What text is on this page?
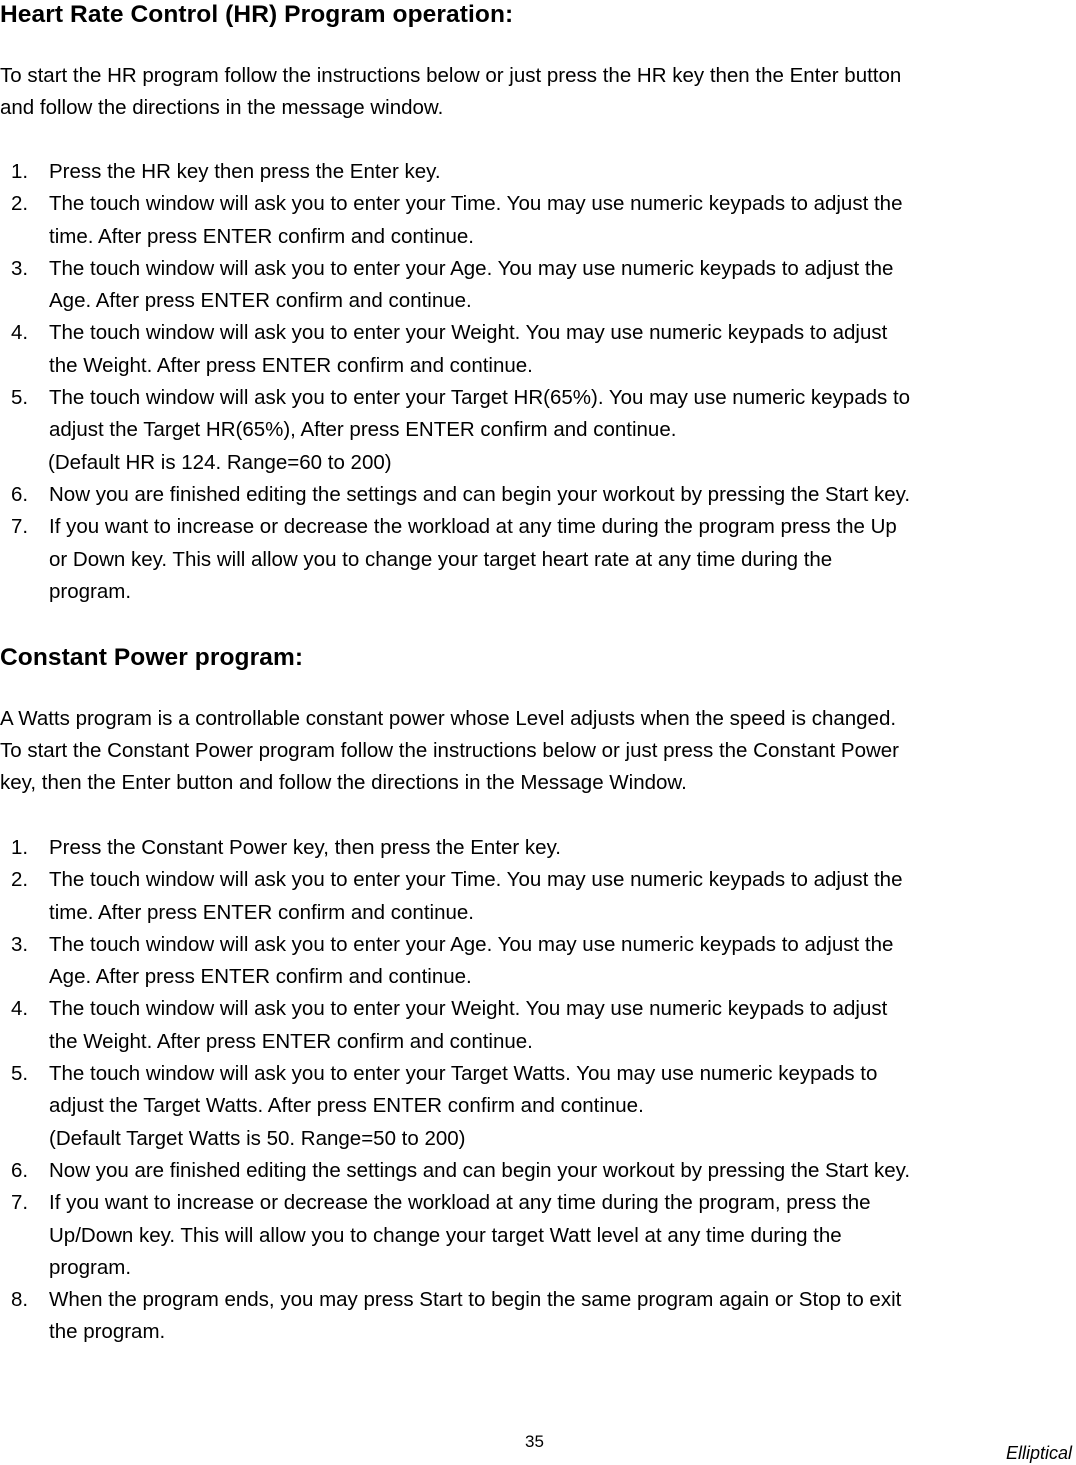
Heart Rate Control (HR) Program operation:
To start the HR program follow the instructions below or just press the HR key then the Enter button
and follow the directions in the message window.
1. Press the HR key then press the Enter key.
2. The touch window will ask you to enter your Time. You may use numeric keypads to adjust the
time. After press ENTER confirm and continue.
3. The touch window will ask you to enter your Age. You may use numeric keypads to adjust the
Age. After press ENTER confirm and continue.
4. The touch window will ask you to enter your Weight. You may use numeric keypads to adjust
the Weight. After press ENTER confirm and continue.
5. The touch window will ask you to enter your Target HR(65%). You may use numeric keypads to
adjust the Target HR(65%), After press ENTER confirm and continue.
(Default HR is 124. Range=60 to 200)
6. Now you are finished editing the settings and can begin your workout by pressing the Start key.
7. If you want to increase or decrease the workload at any time during the program press the Up
or Down key. This will allow you to change your target heart rate at any time during the
program.
Constant Power program:
A Watts program is a controllable constant power whose Level adjusts when the speed is changed.
To start the Constant Power program follow the instructions below or just press the Constant Power
key, then the Enter button and follow the directions in the Message Window.
1. Press the Constant Power key, then press the Enter key.
2. The touch window will ask you to enter your Time. You may use numeric keypads to adjust the
time. After press ENTER confirm and continue.
3. The touch window will ask you to enter your Age. You may use numeric keypads to adjust the
Age. After press ENTER confirm and continue.
4. The touch window will ask you to enter your Weight. You may use numeric keypads to adjust
the Weight. After press ENTER confirm and continue.
5. The touch window will ask you to enter your Target Watts. You may use numeric keypads to
adjust the Target Watts. After press ENTER confirm and continue.
(Default Target Watts is 50. Range=50 to 200)
6. Now you are finished editing the settings and can begin your workout by pressing the Start key.
7. If you want to increase or decrease the workload at any time during the program, press the
Up/Down key. This will allow you to change your target Watt level at any time during the
program.
8. When the program ends, you may press Start to begin the same program again or Stop to exit
the program.
35
Elliptical
